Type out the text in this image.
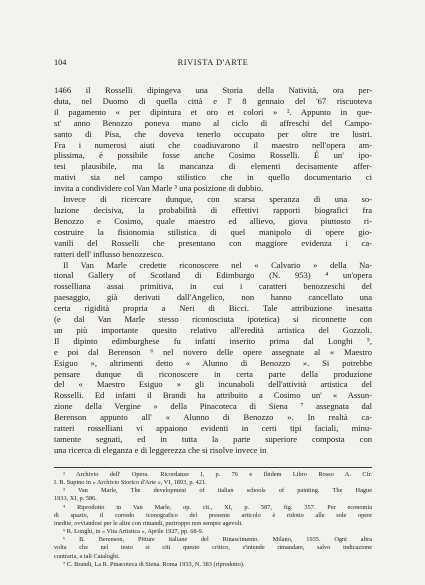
104	RIVISTA D'ARTE
1466 il Rosselli dipingeva una Storia della Natività, ora per-
duta, nel Duomo di quella città e l' 8 gennaio del '67 riscuoteva
il pagamento « per dipintura et oro et colori » ². Appunto in que-
st' anno Benozzo poneva mano al ciclo di affreschi del Campo-
santo di Pisa, che doveva tenerlo occupato per oltre tre lustri.
Fra i numerosi aiuti che coadiuvarono il maestro nell'opera am-
plissima, è possibile fosse anche Cosimo Rosselli. È un' ipo-
tesi plausibile, ma la mancanza di elementi decisamente affer-
mativi sia nel campo stilistico che in quello documentario ci
invita a condividere col Van Marle ³ una posizione di dubbio.
Invece di ricercare dunque, con scarsa speranza di una so-
luzione decisiva, la probabilità di effettivi rapporti biografici fra
Benozzo e Cosimo, quale maestro ed allievo, giova piuttosto ri-
costruire la fisionomia stilistica di quel manipolo di opere gio-
vanili del Rosselli che presentano con maggiore evidenza i ca-
ratteri dell' influsso benozzesco.
Il Van Marle credette riconoscere nel « Calvario » della Na-
tional Gallery of Scotland di Edimburgo (N. 953) ⁴ un'opera
rosselliana assai primitiva, in cui i caratteri benozzeschi del
paesaggio, già derivati dall'Angelico, non hanno cancellato una
certa rigidità propria a Neri di Bicci. Tale attribuzione inesatta
(e dal Van Marle stesso riconosciuta ipotetica) si riconnette con
un più importante quesito relativo all'eredità artistica del Gozzoli.
Il dipinto edimburghese fu infatti inserito prima dal Longhi ⁵,
e poi dal Berenson ⁶ nel novero delle opere assegnate al « Maestro
Esiguo », altrimenti detto « Alunno di Benozzo ». Si potrebbe
pensare dunque di riconoscere in certa parte della produzione
del « Maestro Esiguo » gli incunaboli dell'attività artistica del
Rosselli. Ed infatti il Brandi ha attribuito a Cosimo un' « Assun-
zione della Vergine » della Pinacoteca di Siena ⁷ assegnata dal
Berenson appunto all' « Alunno di Benozzo ». In realtà ca-
ratteri rosselliani vi appaiono evidenti in certi tipi faciali, minu-
tamente segnati, ed in tutta la parte superiore composta con
una ricerca di eleganza e di leggerezza che si risolve invece in
² Archivio dell' Opera. Ricordanze I, p. 76 e Ibidem Libro Rosso A. Cfr.
I. B. Supino in « Archivio Storico d'Arte », VI, 1893, p. 421.
³ Van Marle, The development of italian schools of painting. The Hague
1933, XI, p. 586.
⁴ Riprodotto in Van Marle, op. cit., XI, p. 587, fig. 357. Per economia
di spazio, il corredo iconografico del presente articolo è ridotto alle sole opere
inedite, ovviandosi per le altre con rimandi, purtroppo non sempre agevoli.
⁵ R. Longhi, in « Vita Artistica », Aprile 1927, pp. 68-9.
⁶ B. Berenson, Pitture italiane del Rinascimento. Milano, 1935. Ogni altra
volta che nel testo si citi questo critico, s'intende rimandare, salvo indicazione
contraria, a tali Cataloghi.
⁷ C. Brandi, La R. Pinacoteca di Siena. Roma 1933, N. 383 (riprodotto).
